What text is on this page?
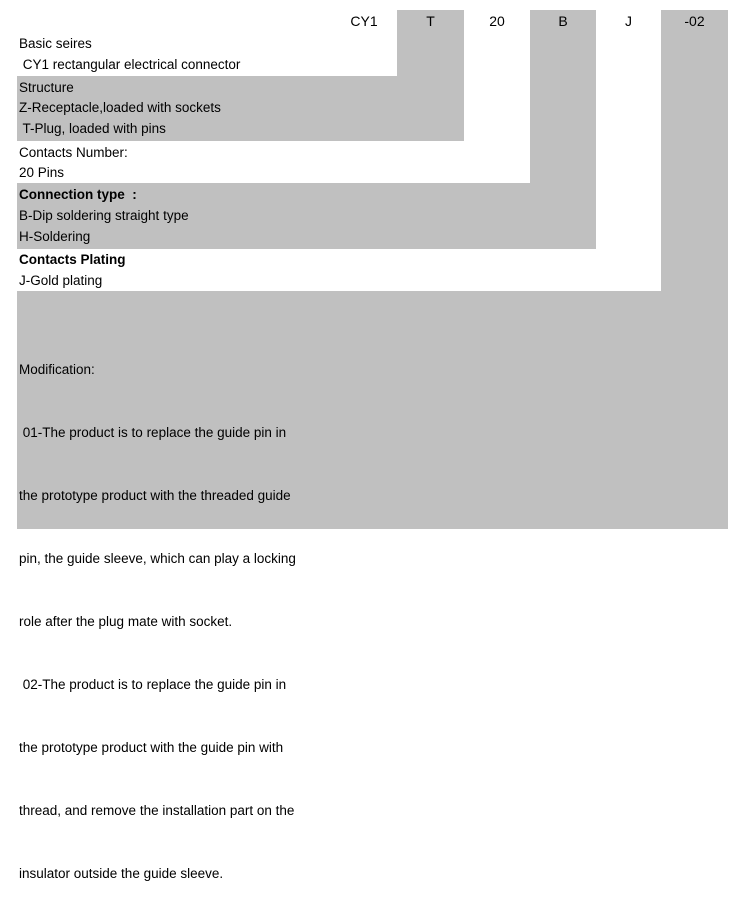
CY1	T	20	B	J	-02
Basic seires
CY1 rectangular electrical connector
Structure
Z-Receptacle,loaded with sockets
T-Plug, loaded with pins
Contacts Number:
20 Pins
Connection type  :
B-Dip soldering straight type
H-Soldering
Contacts Plating
J-Gold plating

Modification:

01-The product is to replace the guide pin in

the prototype product with the threaded guide

pin, the guide sleeve, which can play a locking

role after the plug mate with socket.

02-The product is to replace the guide pin in

the prototype product with the guide pin with

thread, and remove the installation part on the

insulator outside the guide sleeve.
